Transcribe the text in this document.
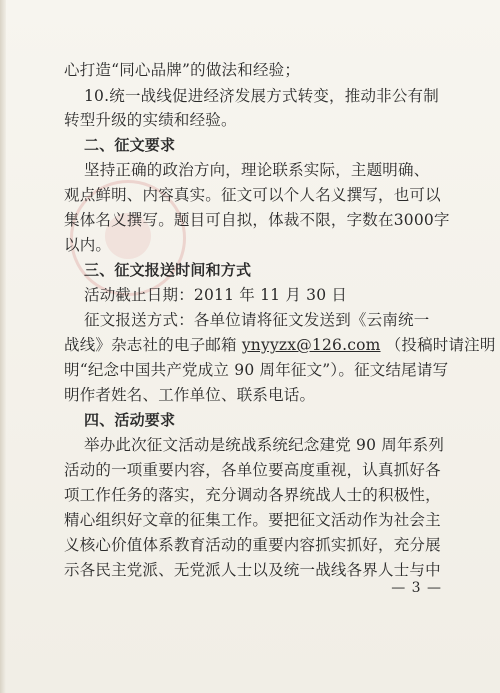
心打造“同心品牌”的做法和经验；
10.统一战线促进经济发展方式转变，推动非公有制
转型升级的实绩和经验。
二、征文要求
坚持正确的政治方向，理论联系实际，主题明确、
观点鲜明、内容真实。征文可以个人名义撰写，也可以
集体名义撰写。题目可自拟，体裁不限，字数在3000字
以内。
三、征文报送时间和方式
活动截止日期：2011 年 11 月 30 日
征文报送方式：各单位请将征文发送到《云南统一
战线》杂志社的电子邮箱 ynyyzx@126.com （投稿时请注明
明“纪念中国共产党成立 90 周年征文”）。征文结尾请写
明作者姓名、工作单位、联系电话。
四、活动要求
举办此次征文活动是统战系统纪念建党 90 周年系列
活动的一项重要内容，各单位要高度重视，认真抓好各
项工作任务的落实，充分调动各界统战人士的积极性，
精心组织好文章的征集工作。要把征文活动作为社会主
义核心价值体系教育活动的重要内容抓实抓好，充分展
示各民主党派、无党派人士以及统一战线各界人士与中
— 3 —
